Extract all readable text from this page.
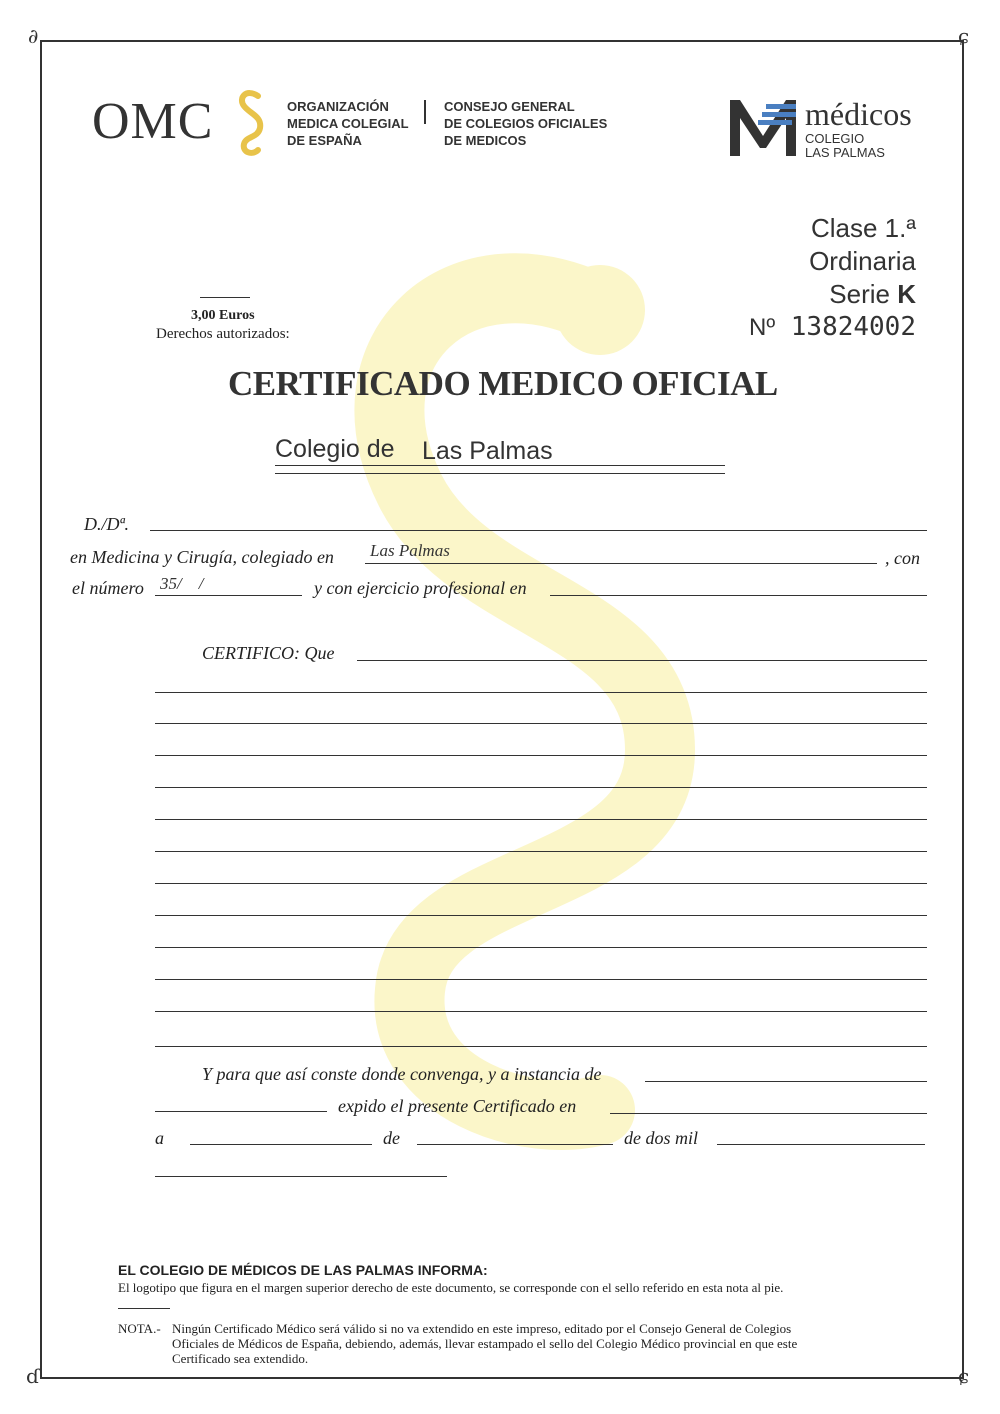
∂	ɕ
ɗ	ɕ
OMC	ORGANIZACIÓN
MEDICA COLEGIAL
DE ESPAÑA
CONSEJO GENERAL
DE COLEGIOS OFICIALES
DE MEDICOS
médicos
COLEGIO
LAS PALMAS
Clase 1.ª
Ordinaria
Serie K
Nº 13824002
3,00 Euros
Derechos autorizados:
CERTIFICADO MEDICO OFICIAL
Colegio de Las Palmas
D./Dª.
en Medicina y Cirugía, colegiado en Las Palmas	, con
el número 35/    /	y con ejercicio profesional en
CERTIFICO: Que
Y para que así conste donde convenga, y a instancia de
expido el presente Certificado en
a	de	de dos mil
EL COLEGIO DE MÉDICOS DE LAS PALMAS INFORMA:
El logotipo que figura en el margen superior derecho de este documento, se corresponde con el sello referido en esta nota al pie.
NOTA.- Ningún Certificado Médico será válido si no va extendido en este impreso, editado por el Consejo General de Colegios
Oficiales de Médicos de España, debiendo, además, llevar estampado el sello del Colegio Médico provincial en que este
Certificado sea extendido.
